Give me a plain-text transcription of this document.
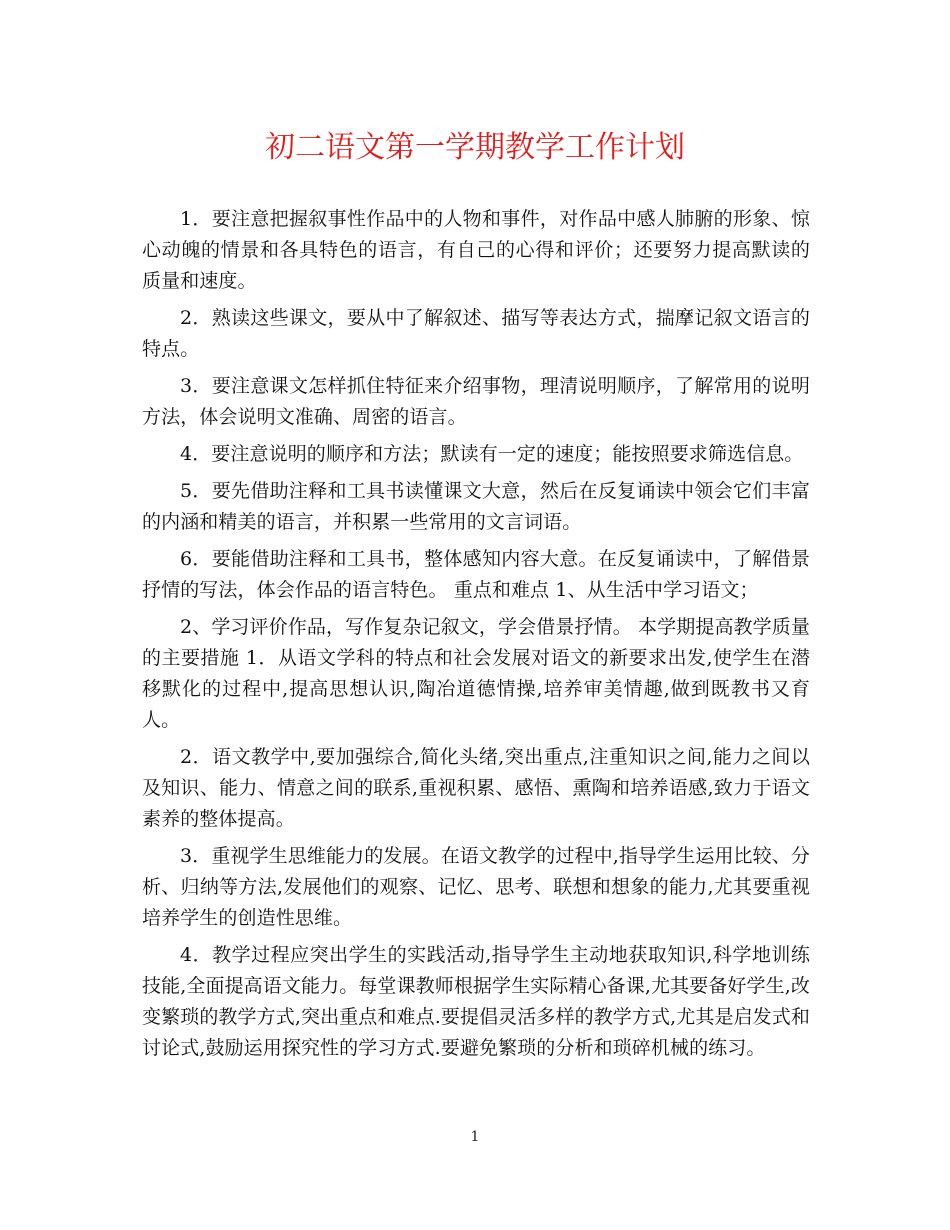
初二语文第一学期教学工作计划

1．要注意把握叙事性作品中的人物和事件，对作品中感人肺腑的形象、惊心动魄的情景和各具特色的语言，有自己的心得和评价；还要努力提高默读的质量和速度。

2．熟读这些课文，要从中了解叙述、描写等表达方式，揣摩记叙文语言的特点。

3．要注意课文怎样抓住特征来介绍事物，理清说明顺序，了解常用的说明方法，体会说明文准确、周密的语言。

4．要注意说明的顺序和方法；默读有一定的速度；能按照要求筛选信息。

5．要先借助注释和工具书读懂课文大意，然后在反复诵读中领会它们丰富的内涵和精美的语言，并积累一些常用的文言词语。

6．要能借助注释和工具书，整体感知内容大意。在反复诵读中，了解借景抒情的写法，体会作品的语言特色。 重点和难点 1、从生活中学习语文；

2、学习评价作品，写作复杂记叙文，学会借景抒情。 本学期提高教学质量的主要措施 1．从语文学科的特点和社会发展对语文的新要求出发,使学生在潜移默化的过程中,提高思想认识,陶冶道德情操,培养审美情趣,做到既教书又育人。

2．语文教学中,要加强综合,简化头绪,突出重点,注重知识之间,能力之间以及知识、能力、情意之间的联系,重视积累、感悟、熏陶和培养语感,致力于语文素养的整体提高。

3．重视学生思维能力的发展。在语文教学的过程中,指导学生运用比较、分析、归纳等方法,发展他们的观察、记忆、思考、联想和想象的能力,尤其要重视培养学生的创造性思维。

4．教学过程应突出学生的实践活动,指导学生主动地获取知识,科学地训练技能,全面提高语文能力。每堂课教师根据学生实际精心备课,尤其要备好学生,改变繁琐的教学方式,突出重点和难点.要提倡灵活多样的教学方式,尤其是启发式和讨论式,鼓励运用探究性的学习方式.要避免繁琐的分析和琐碎机械的练习。

1
